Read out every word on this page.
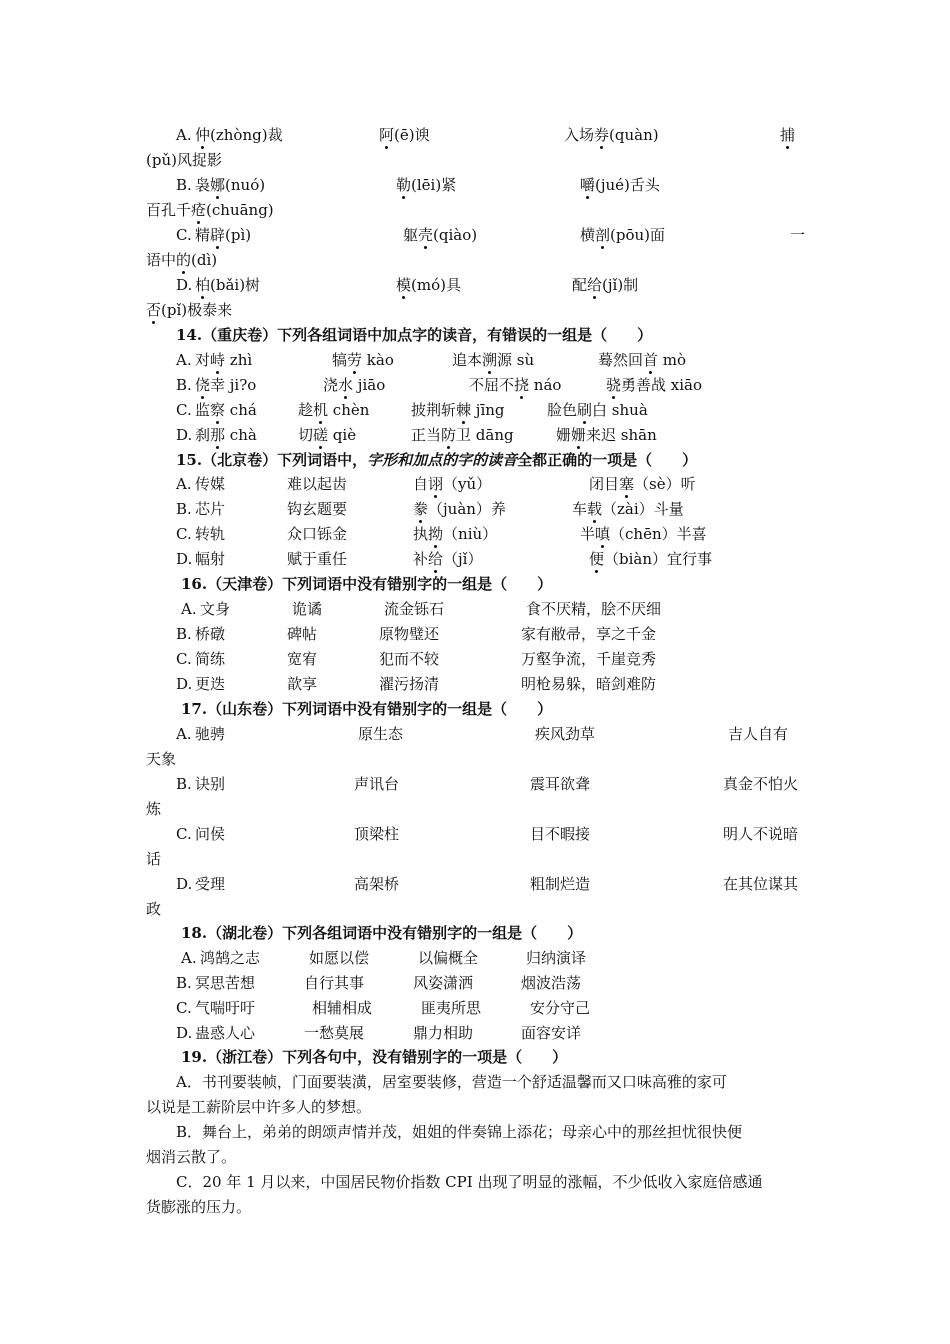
A. 仲(zhòng)裁	阿(ē)谀	入场券(quàn)	捕
(pǔ)风捉影
B. 袅娜(nuó)	勒(lēi)紧	嚼(jué)舌头
百孔千疮(chuāng)
C. 精辟(pì)	躯壳(qiào)	横剖(pōu)面	一
语中的(dì)
D. 柏(bǎi)树	模(mó)具	配给(jǐ)制
否(pǐ)极泰来
14.（重庆卷）下列各组词语中加点字的读音，有错误的一组是（　　）
A. 对峙 zhì	犒劳 kào	追本溯源 sù	蓦然回首 mò
B. 侥幸 ji?o	浇水 jiāo	不屈不挠 náo	骁勇善战 xiāo
C. 监察 chá	趁机 chèn	披荆斩棘 jīng	脸色刷白 shuà
D. 刹那 chà	切磋 qiè	正当防卫 dāng	姗姗来迟 shān
15.（北京卷）下列词语中，字形和加点的字的读音全都正确的一项是（　　）
A. 传媒	难以起齿	自诩（yǔ）	闭目塞（sè）听
B. 芯片	钩玄题要	豢（juàn）养	车载（zài）斗量
C. 转轨	众口铄金	执拗（niù）	半嗔（chēn）半喜
D. 幅射	赋于重任	补给（jǐ）	便（biàn）宜行事
16.（天津卷）下列词语中没有错别字的一组是（　　）
A. 文身	诡谲	流金铄石	食不厌精，脍不厌细
B. 桥礅	碑帖	原物璧还	家有敝帚，享之千金
C. 简练	宽宥	犯而不较	万壑争流，千崖竞秀
D. 更迭	歆享	濯污扬清	明枪易躲，暗剑难防
17.（山东卷）下列词语中没有错别字的一组是（　　）
A. 驰骋	原生态	疾风劲草	吉人自有
天象
B. 诀别	声讯台	震耳欲聋	真金不怕火
炼
C. 问侯	顶梁柱	目不暇接	明人不说暗
话
D. 受理	高架桥	粗制烂造	在其位谋其
政
18.（湖北卷）下列各组词语中没有错别字的一组是（　　）
A. 鸿鹄之志	如愿以偿	以偏概全	归纳演译
B. 冥思苦想	自行其事	风姿潇洒	烟波浩荡
C. 气喘吁吁	相辅相成	匪夷所思	安分守己
D. 蛊惑人心	一愁莫展	鼎力相助	面容安详
19.（浙江卷）下列各句中，没有错别字的一项是（　　）
A．书刊要装帧，门面要装潢，居室要装修，营造一个舒适温馨而又口味高雅的家可
以说是工薪阶层中许多人的梦想。
B．舞台上，弟弟的朗颂声情并茂，姐姐的伴奏锦上添花；母亲心中的那丝担忧很快便
烟消云散了。
C．20 年 1 月以来，中国居民物价指数 CPI 出现了明显的涨幅，不少低收入家庭倍感通
货膨涨的压力。
